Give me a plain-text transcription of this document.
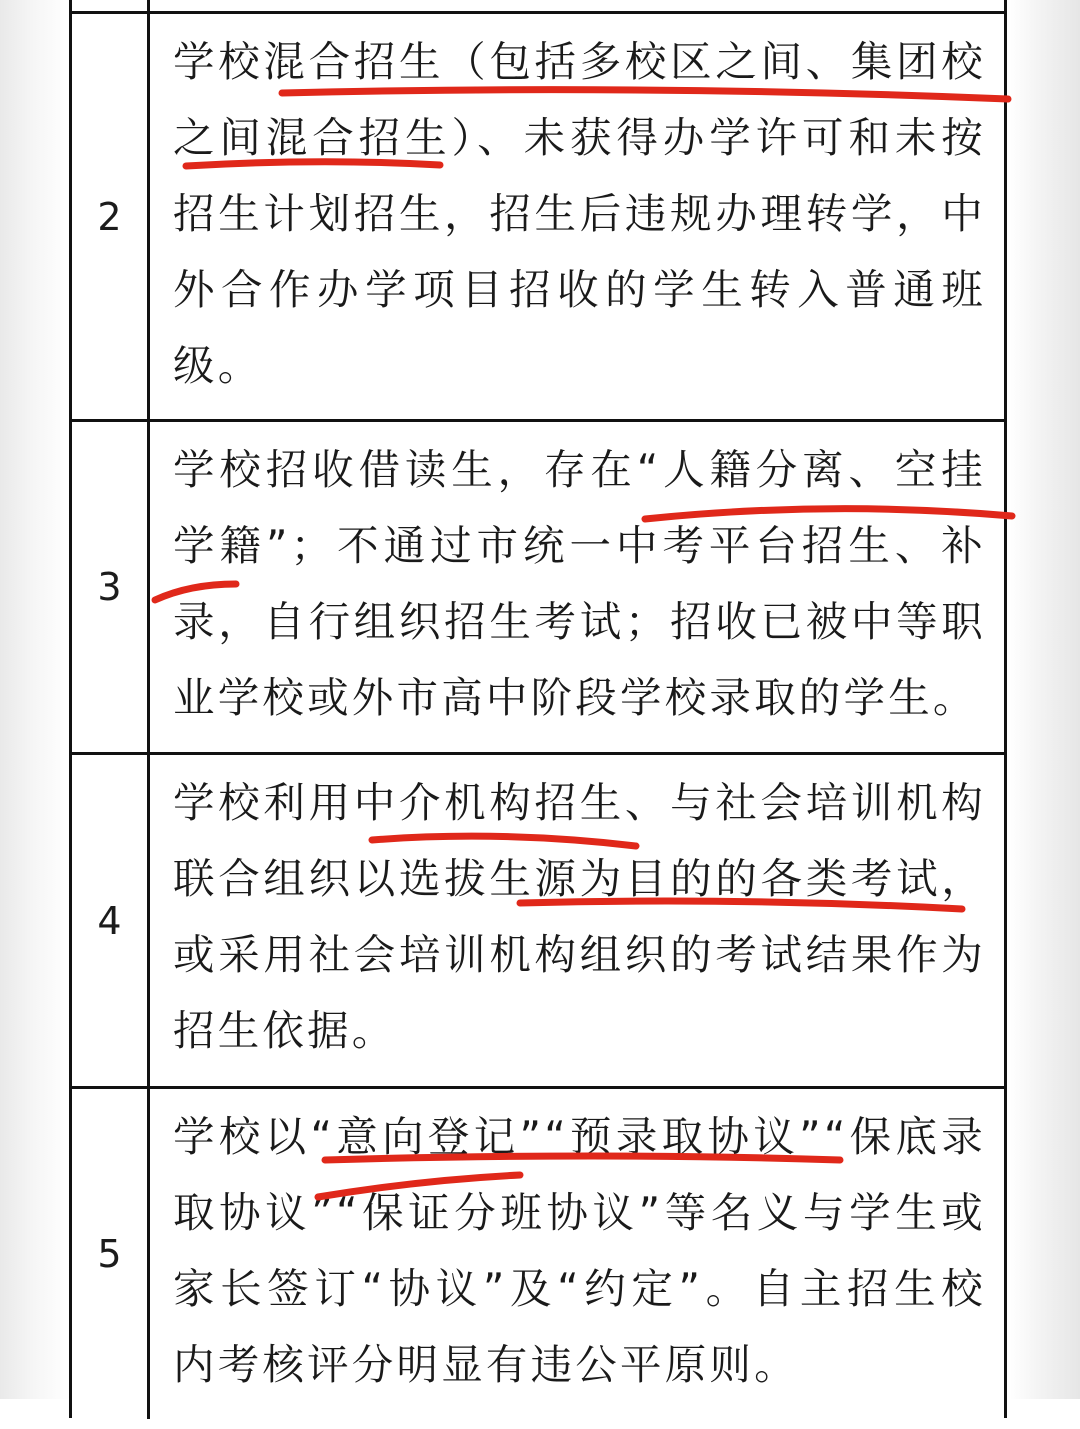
2
学校混合招生（包括多校区之间、集团校之间混合招生）、未获得办学许可和未按招生计划招生，招生后违规办理转学，中外合作办学项目招收的学生转入普通班级。
3
学校招收借读生，存在“人籍分离、空挂学籍”；不通过市统一中考平台招生、补录，自行组织招生考试；招收已被中等职业学校或外市高中阶段学校录取的学生。
4
学校利用中介机构招生、与社会培训机构联合组织以选拔生源为目的的各类考试，或采用社会培训机构组织的考试结果作为招生依据。
5
学校以“意向登记”“预录取协议”“保底录取协议”“保证分班协议”等名义与学生或家长签订“协议”及“约定”。自主招生校内考核评分明显有违公平原则。
